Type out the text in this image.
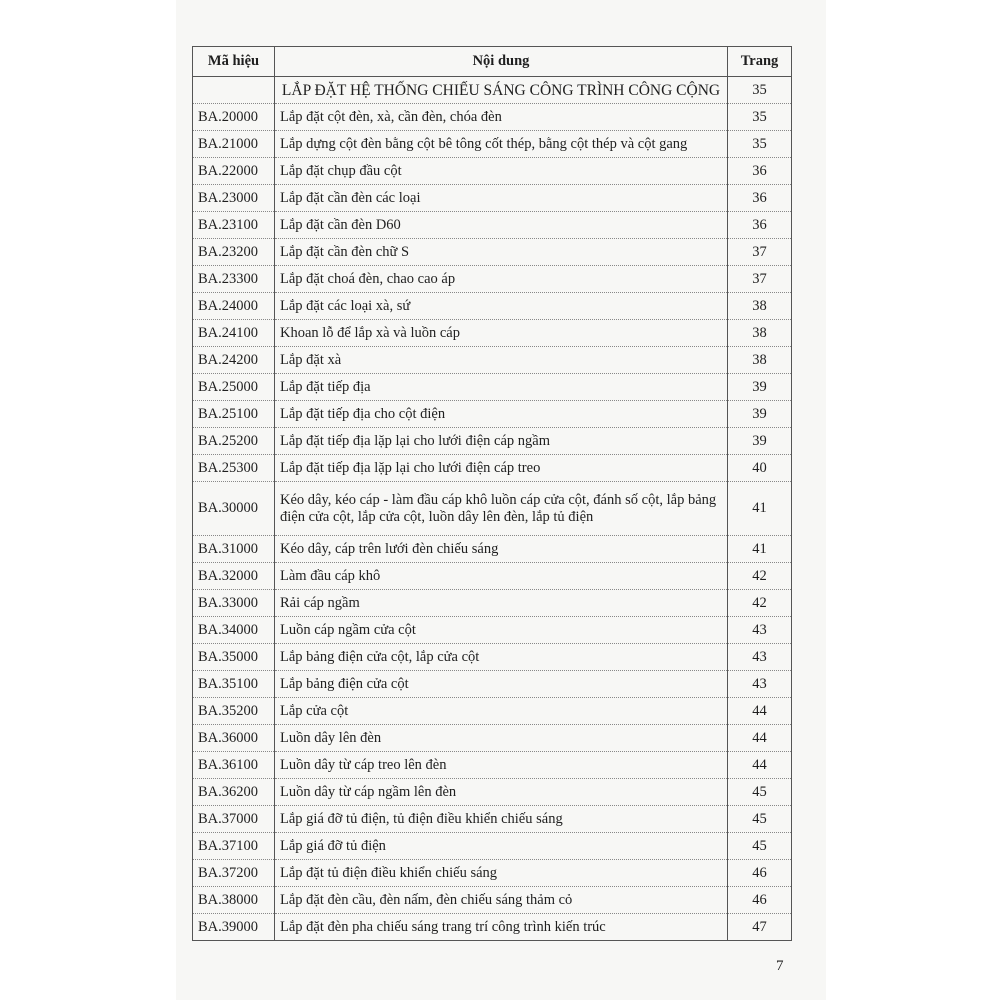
Mã hiệu	Nội dung	Trang
	LẮP ĐẶT HỆ THỐNG CHIẾU SÁNG CÔNG TRÌNH CÔNG CỘNG	35
BA.20000	Lắp đặt cột đèn, xà, cần đèn, chóa đèn	35
BA.21000	Lắp dựng cột đèn bằng cột bê tông cốt thép, bằng cột thép và cột gang	35
BA.22000	Lắp đặt chụp đầu cột	36
BA.23000	Lắp đặt cần đèn các loại	36
BA.23100	Lắp đặt cần đèn D60	36
BA.23200	Lắp đặt cần đèn chữ S	37
BA.23300	Lắp đặt choá đèn, chao cao áp	37
BA.24000	Lắp đặt các loại xà, sứ	38
BA.24100	Khoan lỗ để lắp xà và luồn cáp	38
BA.24200	Lắp đặt xà	38
BA.25000	Lắp đặt tiếp địa	39
BA.25100	Lắp đặt tiếp địa cho cột điện	39
BA.25200	Lắp đặt tiếp địa lặp lại cho lưới điện cáp ngầm	39
BA.25300	Lắp đặt tiếp địa lặp lại cho lưới điện cáp treo	40
BA.30000	Kéo dây, kéo cáp - làm đầu cáp khô luồn cáp cửa cột, đánh số cột, lắp bảng điện cửa cột, lắp cửa cột, luồn dây lên đèn, lắp tủ điện	41
BA.31000	Kéo dây, cáp trên lưới đèn chiếu sáng	41
BA.32000	Làm đầu cáp khô	42
BA.33000	Rải cáp ngầm	42
BA.34000	Luồn cáp ngầm cửa cột	43
BA.35000	Lắp bảng điện cửa cột, lắp cửa cột	43
BA.35100	Lắp bảng điện cửa cột	43
BA.35200	Lắp cửa cột	44
BA.36000	Luồn dây lên đèn	44
BA.36100	Luồn dây từ cáp treo lên đèn	44
BA.36200	Luồn dây từ cáp ngầm lên đèn	45
BA.37000	Lắp giá đỡ tủ điện, tủ điện điều khiển chiếu sáng	45
BA.37100	Lắp giá đỡ tủ điện	45
BA.37200	Lắp đặt tủ điện điều khiển chiếu sáng	46
BA.38000	Lắp đặt đèn cầu, đèn nấm, đèn chiếu sáng thảm cỏ	46
BA.39000	Lắp đặt đèn pha chiếu sáng trang trí công trình kiến trúc	47
7
